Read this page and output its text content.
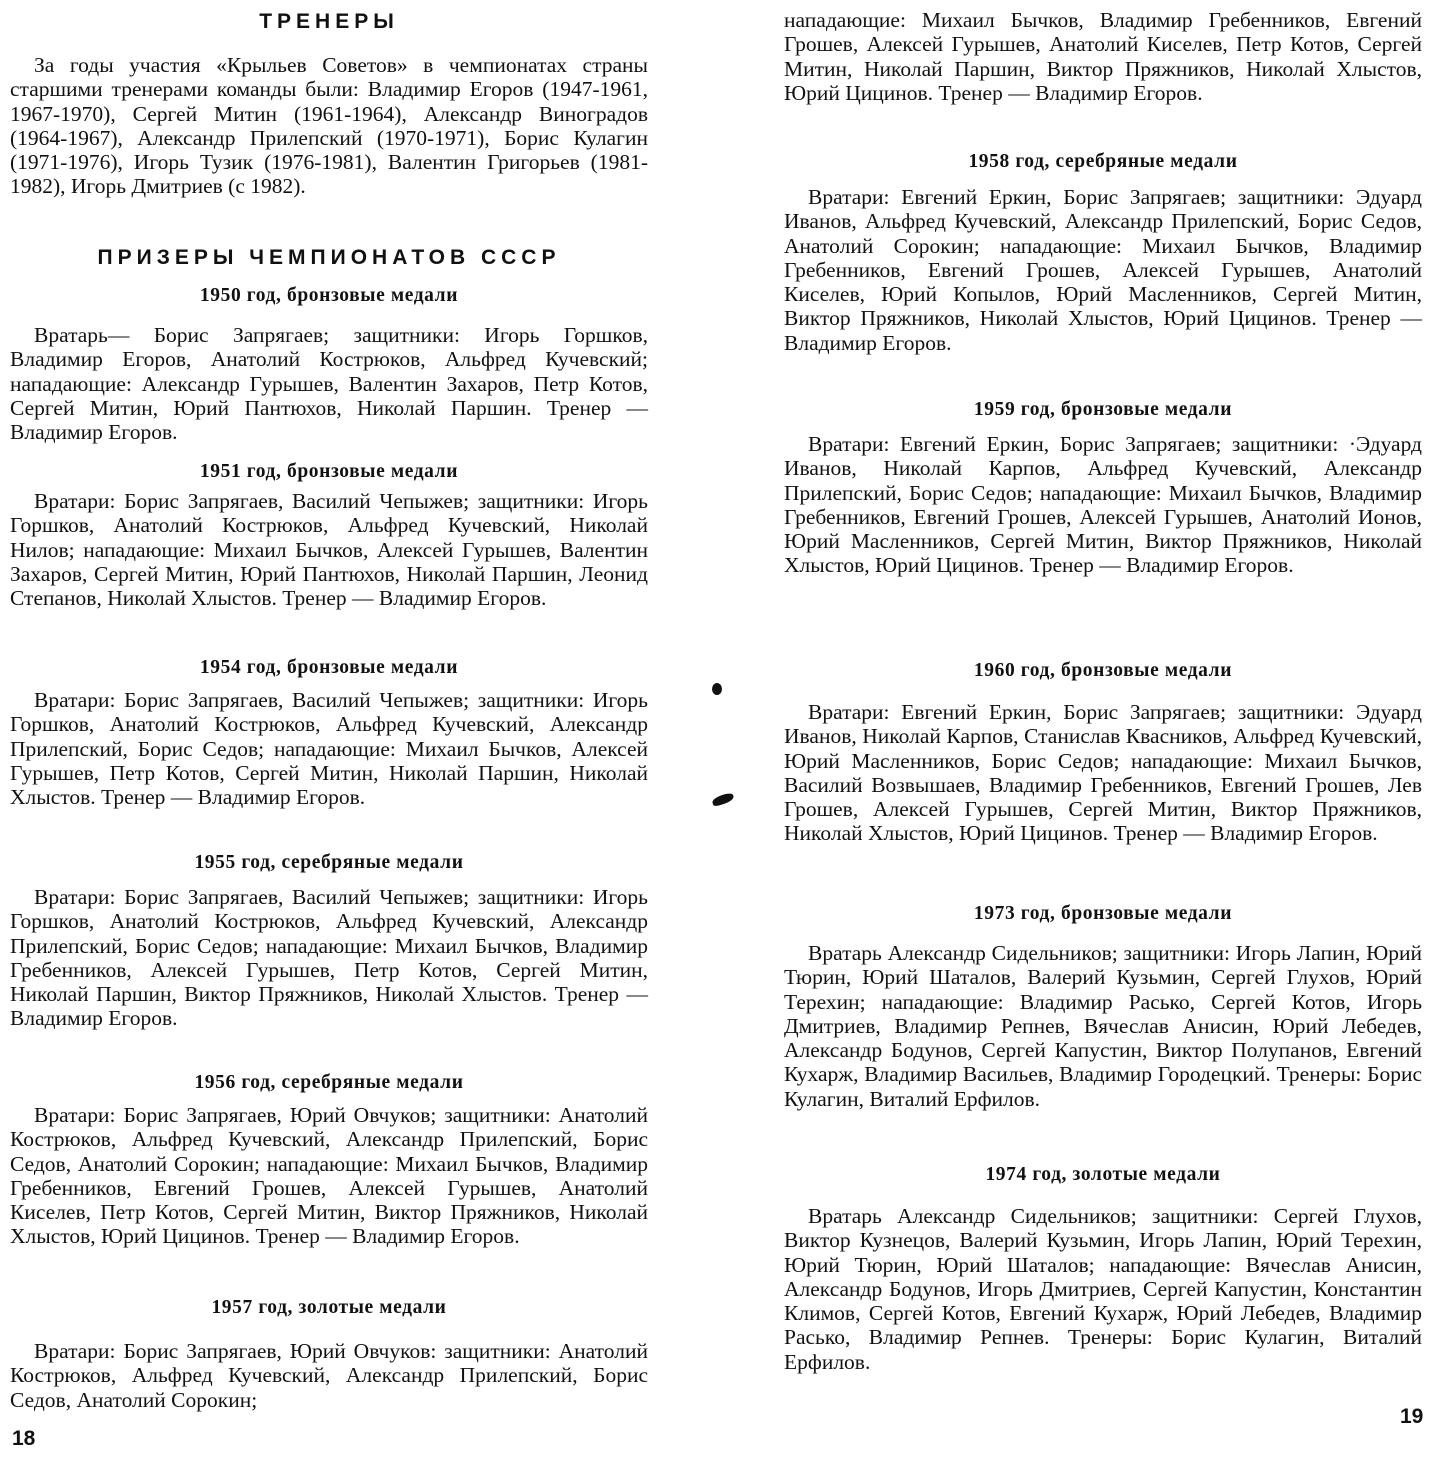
ТРЕНЕРЫ

За годы участия «Крыльев Советов» в чемпионатах страны старшими тренерами команды были: Владимир Егоров (1947-1961, 1967-1970), Сергей Митин (1961-1964), Александр Виноградов (1964-1967), Александр Прилепский (1970-1971), Борис Кулагин (1971-1976), Игорь Тузик (1976-1981), Валентин Григорьев (1981-1982), Игорь Дмитриев (с 1982).

ПРИЗЕРЫ ЧЕМПИОНАТОВ СССР
1950 год, бронзовые медали

Вратарь— Борис Запрягаев; защитники: Игорь Горшков, Владимир Егоров, Анатолий Кострюков, Альфред Кучевский; нападающие: Александр Гурышев, Валентин Захаров, Петр Котов, Сергей Митин, Юрий Пантюхов, Николай Паршин. Тренер — Владимир Егоров.

1951 год, бронзовые медали

Вратари: Борис Запрягаев, Василий Чепыжев; защитники: Игорь Горшков, Анатолий Кострюков, Альфред Кучевский, Николай Нилов; нападающие: Михаил Бычков, Алексей Гурышев, Валентин Захаров, Сергей Митин, Юрий Пантюхов, Николай Паршин, Леонид Степанов, Николай Хлыстов. Тренер — Владимир Егоров.

1954 год, бронзовые медали

Вратари: Борис Запрягаев, Василий Чепыжев; защитники: Игорь Горшков, Анатолий Кострюков, Альфред Кучевский, Александр Прилепский, Борис Седов; нападающие: Михаил Бычков, Алексей Гурышев, Петр Котов, Сергей Митин, Николай Паршин, Николай Хлыстов. Тренер — Владимир Егоров.

1955 год, серебряные медали

Вратари: Борис Запрягаев, Василий Чепыжев; защитники: Игорь Горшков, Анатолий Кострюков, Альфред Кучевский, Александр Прилепский, Борис Седов; нападающие: Михаил Бычков, Владимир Гребенников, Алексей Гурышев, Петр Котов, Сергей Митин, Николай Паршин, Виктор Пряжников, Николай Хлыстов. Тренер — Владимир Егоров.

1956 год, серебряные медали

Вратари: Борис Запрягаев, Юрий Овчуков; защитники: Анатолий Кострюков, Альфред Кучевский, Александр Прилепский, Борис Седов, Анатолий Сорокин; нападающие: Михаил Бычков, Владимир Гребенников, Евгений Грошев, Алексей Гурышев, Анатолий Киселев, Петр Котов, Сергей Митин, Виктор Пряжников, Николай Хлыстов, Юрий Цицинов. Тренер — Владимир Егоров.

1957 год, золотые медали

Вратари: Борис Запрягаев, Юрий Овчуков: защитники: Анатолий Кострюков, Альфред Кучевский, Александр Прилепский, Борис Седов, Анатолий Сорокин;

18

нападающие: Михаил Бычков, Владимир Гребенников, Евгений Грошев, Алексей Гурышев, Анатолий Киселев, Петр Котов, Сергей Митин, Николай Паршин, Виктор Пряжников, Николай Хлыстов, Юрий Цицинов. Тренер — Владимир Егоров.

1958 год, серебряные медали

Вратари: Евгений Еркин, Борис Запрягаев; защитники: Эдуард Иванов, Альфред Кучевский, Александр Прилепский, Борис Седов, Анатолий Сорокин; нападающие: Михаил Бычков, Владимир Гребенников, Евгений Грошев, Алексей Гурышев, Анатолий Киселев, Юрий Копылов, Юрий Масленников, Сергей Митин, Виктор Пряжников, Николай Хлыстов, Юрий Цицинов. Тренер — Владимир Егоров.

1959 год, бронзовые медали

Вратари: Евгений Еркин, Борис Запрягаев; защитники: ·Эдуард Иванов, Николай Карпов, Альфред Кучевский, Александр Прилепский, Борис Седов; нападающие: Михаил Бычков, Владимир Гребенников, Евгений Грошев, Алексей Гурышев, Анатолий Ионов, Юрий Масленников, Сергей Митин, Виктор Пряжников, Николай Хлыстов, Юрий Цицинов. Тренер — Владимир Егоров.

1960 год, бронзовые медали

Вратари: Евгений Еркин, Борис Запрягаев; защитники: Эдуард Иванов, Николай Карпов, Станислав Квасников, Альфред Кучевский, Юрий Масленников, Борис Седов; нападающие: Михаил Бычков, Василий Возвышаев, Владимир Гребенников, Евгений Грошев, Лев Грошев, Алексей Гурышев, Сергей Митин, Виктор Пряжников, Николай Хлыстов, Юрий Цицинов. Тренер — Владимир Егоров.

1973 год, бронзовые медали

Вратарь Александр Сидельников; защитники: Игорь Лапин, Юрий Тюрин, Юрий Шаталов, Валерий Кузьмин, Сергей Глухов, Юрий Терехин; нападающие: Владимир Расько, Сергей Котов, Игорь Дмитриев, Владимир Репнев, Вячеслав Анисин, Юрий Лебедев, Александр Бодунов, Сергей Капустин, Виктор Полупанов, Евгений Кухарж, Владимир Васильев, Владимир Городецкий. Тренеры: Борис Кулагин, Виталий Ерфилов.

1974 год, золотые медали

Вратарь Александр Сидельников; защитники: Сергей Глухов, Виктор Кузнецов, Валерий Кузьмин, Игорь Лапин, Юрий Терехин, Юрий Тюрин, Юрий Шаталов; нападающие: Вячеслав Анисин, Александр Бодунов, Игорь Дмитриев, Сергей Капустин, Константин Климов, Сергей Котов, Евгений Кухарж, Юрий Лебедев, Владимир Расько, Владимир Репнев. Тренеры: Борис Кулагин, Виталий Ерфилов.

19
